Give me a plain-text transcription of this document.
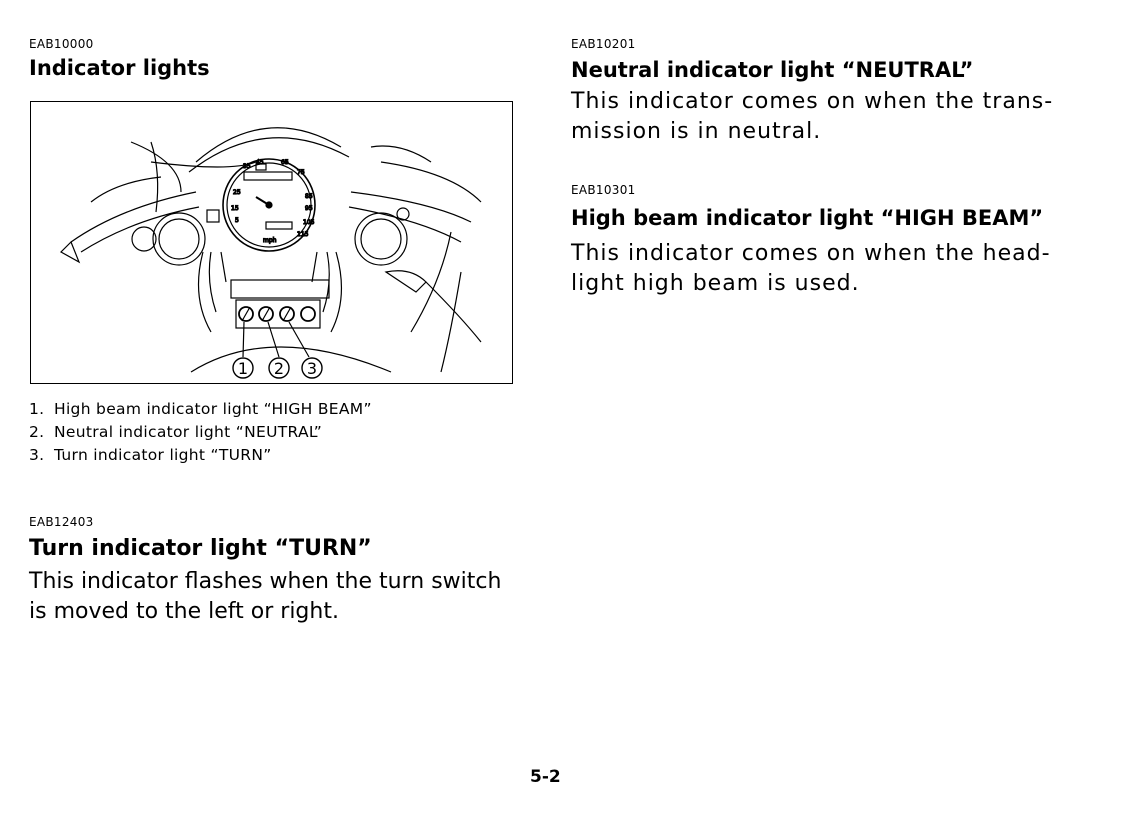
EAB10000
Indicator lights
35
45	65
75
85
95
105
115
25
15
5
mph
1 2 3
1. High beam indicator light “HIGH BEAM”
2. Neutral indicator light “NEUTRAL”
3. Turn indicator light “TURN”
EAB12403
Turn indicator light “TURN”
This indicator flashes when the turn switch
is moved to the left or right.
EAB10201
Neutral indicator light “NEUTRAL”
This indicator comes on when the trans-
mission is in neutral.
EAB10301
High beam indicator light “HIGH BEAM”
This indicator comes on when the head-
light high beam is used.
5-2
